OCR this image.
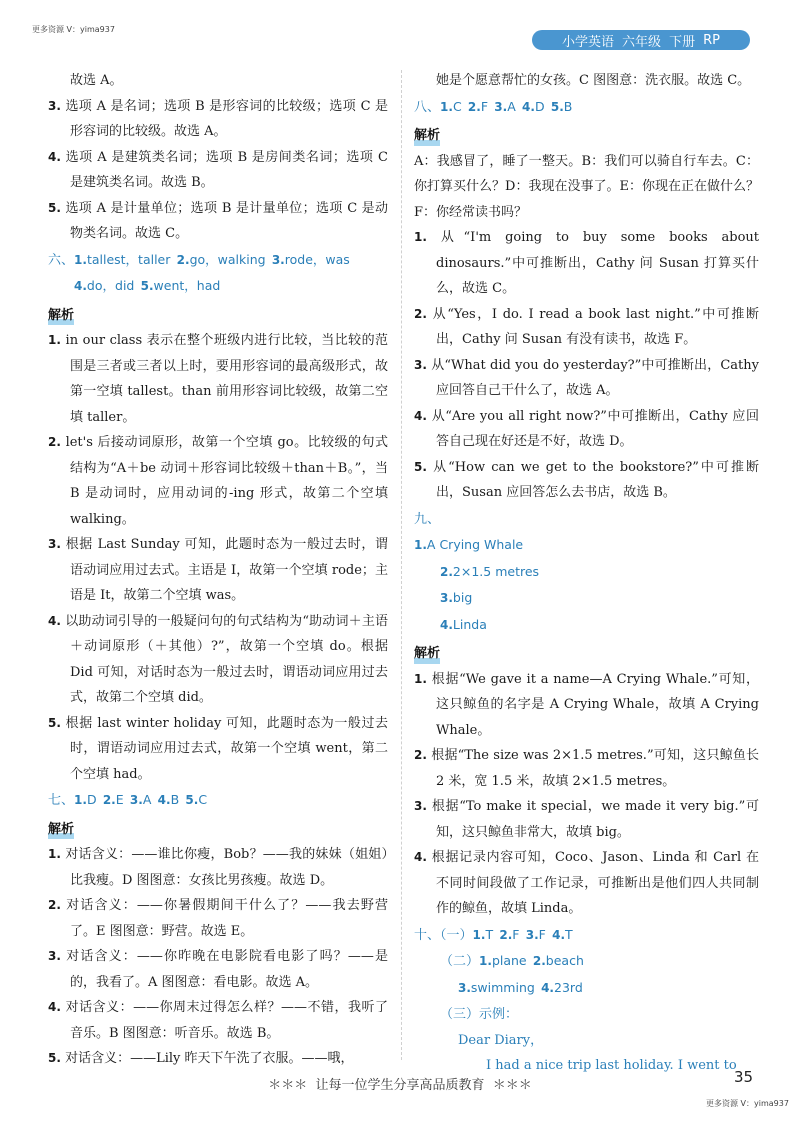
更多资源 V：yima937
小学英语 六年级 下册 RP

故选 A。

3. 选项 A 是名词；选项 B 是形容词的比较级；选项 C 是形容词的比较级。故选 A。

4. 选项 A 是建筑类名词；选项 B 是房间类名词；选项 C 是建筑类名词。故选 B。

5. 选项 A 是计量单位；选项 B 是计量单位；选项 C 是动物类名词。故选 C。

六、1.tallest，taller  2.go，walking  3.rode，was

4.do，did  5.went，had

解析

1. in our class 表示在整个班级内进行比较，当比较的范围是三者或三者以上时，要用形容词的最高级形式，故第一空填 tallest。than 前用形容词比较级，故第二空填 taller。

2. let's 后接动词原形，故第一个空填 go。比较级的句式结构为“A＋be 动词＋形容词比较级＋than＋B。”，当 B 是动词时，应用动词的-ing 形式，故第二个空填 walking。

3. 根据 Last Sunday 可知，此题时态为一般过去时，谓语动词应用过去式。主语是 I，故第一个空填 rode；主语是 It，故第二个空填 was。

4. 以助动词引导的一般疑问句的句式结构为“助动词＋主语＋动词原形（＋其他）?”，故第一个空填 do。根据 Did 可知，对话时态为一般过去时，谓语动词应用过去式，故第二个空填 did。

5. 根据 last winter holiday 可知，此题时态为一般过去时，谓语动词应用过去式，故第一个空填 went，第二个空填 had。

七、1.D  2.E  3.A  4.B  5.C

解析

1. 对话含义：——谁比你瘦，Bob？——我的妹妹（姐姐）比我瘦。D 图图意：女孩比男孩瘦。故选 D。

2. 对话含义：——你暑假期间干什么了？——我去野营了。E 图图意：野营。故选 E。

3. 对话含义：——你昨晚在电影院看电影了吗？——是的，我看了。A 图图意：看电影。故选 A。

4. 对话含义：——你周末过得怎么样？——不错，我听了音乐。B 图图意：听音乐。故选 B。

5. 对话含义：——Lily 昨天下午洗了衣服。——哦，

她是个愿意帮忙的女孩。C 图图意：洗衣服。故选 C。

八、1.C  2.F  3.A  4.D  5.B

解析

A：我感冒了，睡了一整天。B：我们可以骑自行车去。C：你打算买什么？D：我现在没事了。E：你现在正在做什么？F：你经常读书吗？

1. 从“I'm going to buy some books about dinosaurs.”中可推断出，Cathy 问 Susan 打算买什么，故选 C。

2. 从“Yes，I do. I read a book last night.”中可推断出，Cathy 问 Susan 有没有读书，故选 F。

3. 从“What did you do yesterday?”中可推断出，Cathy 应回答自己干什么了，故选 A。

4. 从“Are you all right now?”中可推断出，Cathy 应回答自己现在好还是不好，故选 D。

5. 从“How can we get to the bookstore?”中可推断出，Susan 应回答怎么去书店，故选 B。

九、
1.A Crying Whale
2.2×1.5 metres
3.big
4.Linda

解析

1. 根据“We gave it a name—A Crying Whale.”可知，这只鲸鱼的名字是 A Crying Whale，故填 A Crying Whale。

2. 根据“The size was 2×1.5 metres.”可知，这只鲸鱼长 2 米，宽 1.5 米，故填 2×1.5 metres。

3. 根据“To make it special，we made it very big.”可知，这只鲸鱼非常大，故填 big。

4. 根据记录内容可知，Coco、Jason、Linda 和 Carl 在不同时间段做了工作记录，可推断出是他们四人共同制作的鲸鱼，故填 Linda。

十、（一）1.T  2.F  3.F  4.T

（二）1.plane  2.beach

3.swimming  4.23rd

（三）示例：

Dear Diary，

I had a nice trip last holiday. I went to

＊＊＊ 让每一位学生分享高品质教育 ＊＊＊	35
更多资源 V：yima937
